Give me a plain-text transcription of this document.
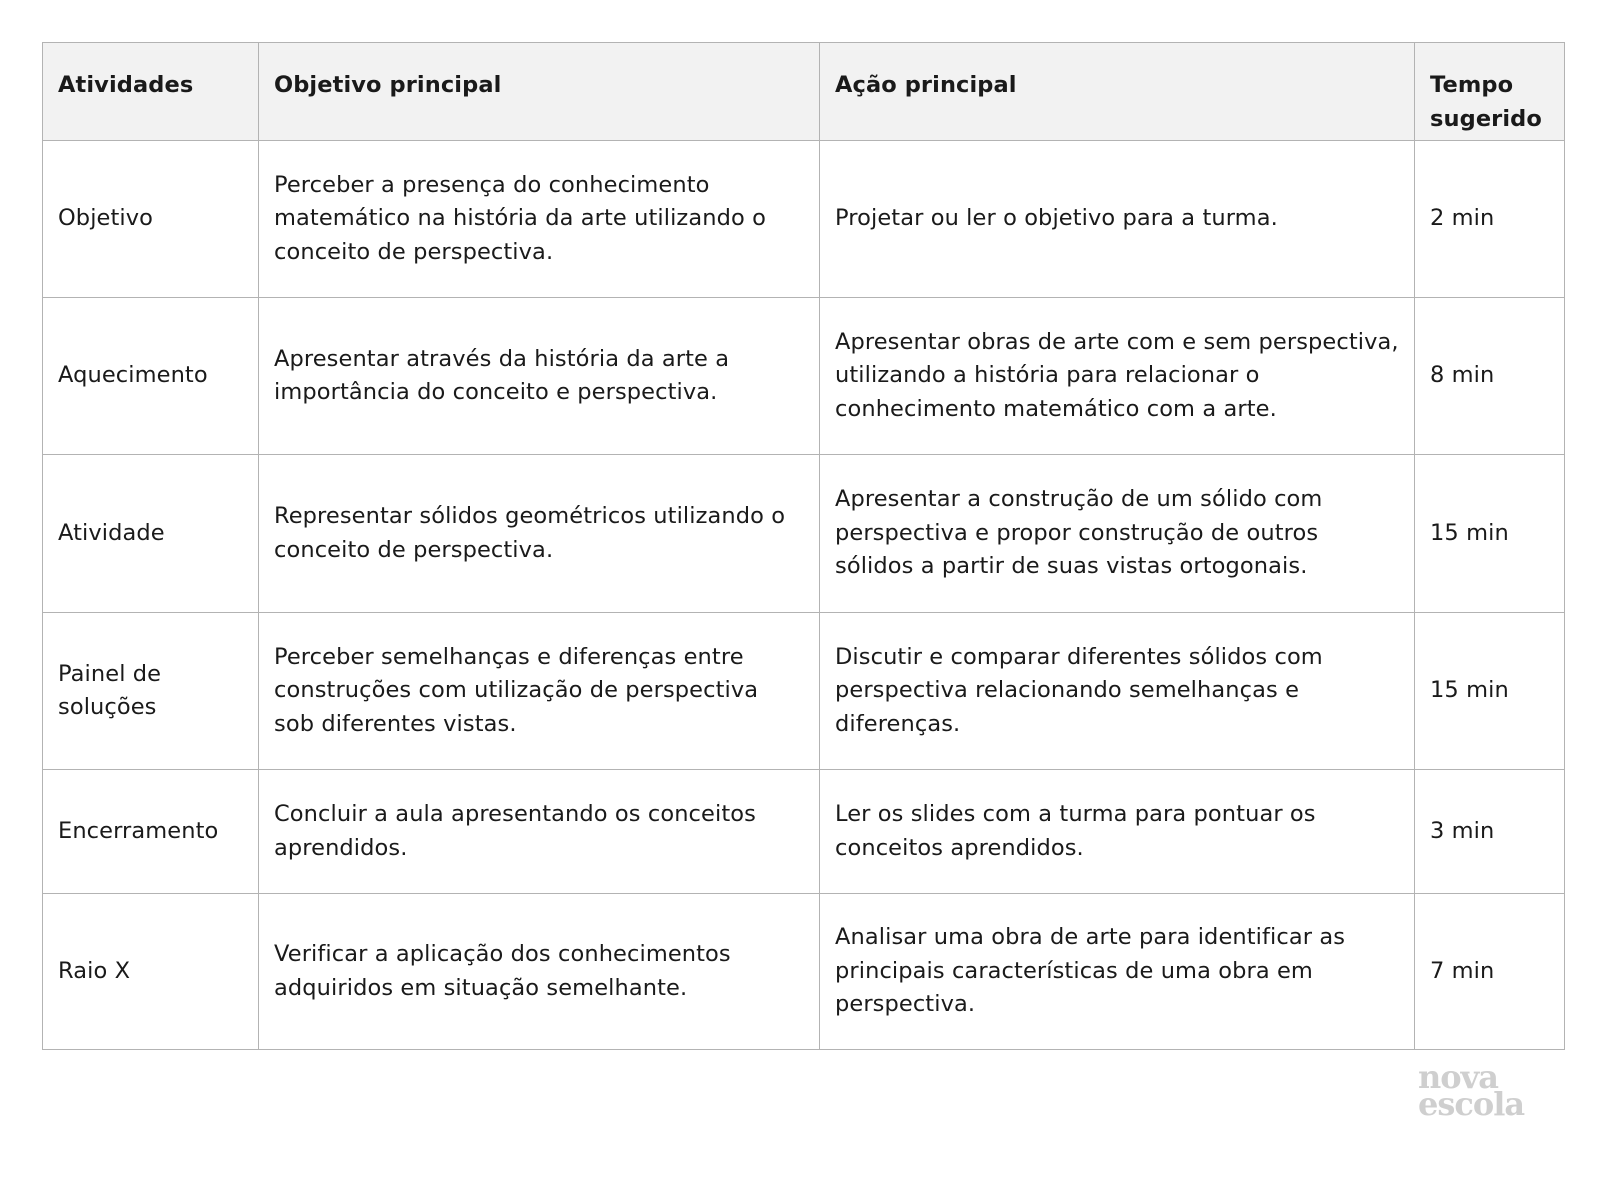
Atividades	Objetivo principal	Ação principal	Tempo sugerido
Objetivo	Perceber a presença do conhecimento matemático na história da arte utilizando o conceito de perspectiva.	Projetar ou ler o objetivo para a turma.	2 min
Aquecimento	Apresentar através da história da arte a importância do conceito e perspectiva.	Apresentar obras de arte com e sem perspectiva, utilizando a história para relacionar o conhecimento matemático com a arte.	8 min
Atividade	Representar sólidos geométricos utilizando o conceito de perspectiva.	Apresentar a construção de um sólido com perspectiva e propor construção de outros sólidos a partir de suas vistas ortogonais.	15 min
Painel de soluções	Perceber semelhanças e diferenças entre construções com utilização de perspectiva sob diferentes vistas.	Discutir e comparar diferentes sólidos com perspectiva relacionando semelhanças e diferenças.	15 min
Encerramento	Concluir a aula apresentando os conceitos aprendidos.	Ler os slides com a turma para pontuar os conceitos aprendidos.	3 min
Raio X	Verificar a aplicação dos conhecimentos adquiridos em situação semelhante.	Analisar uma obra de arte para identificar as principais características de uma obra em perspectiva.	7 min
nova
escola
